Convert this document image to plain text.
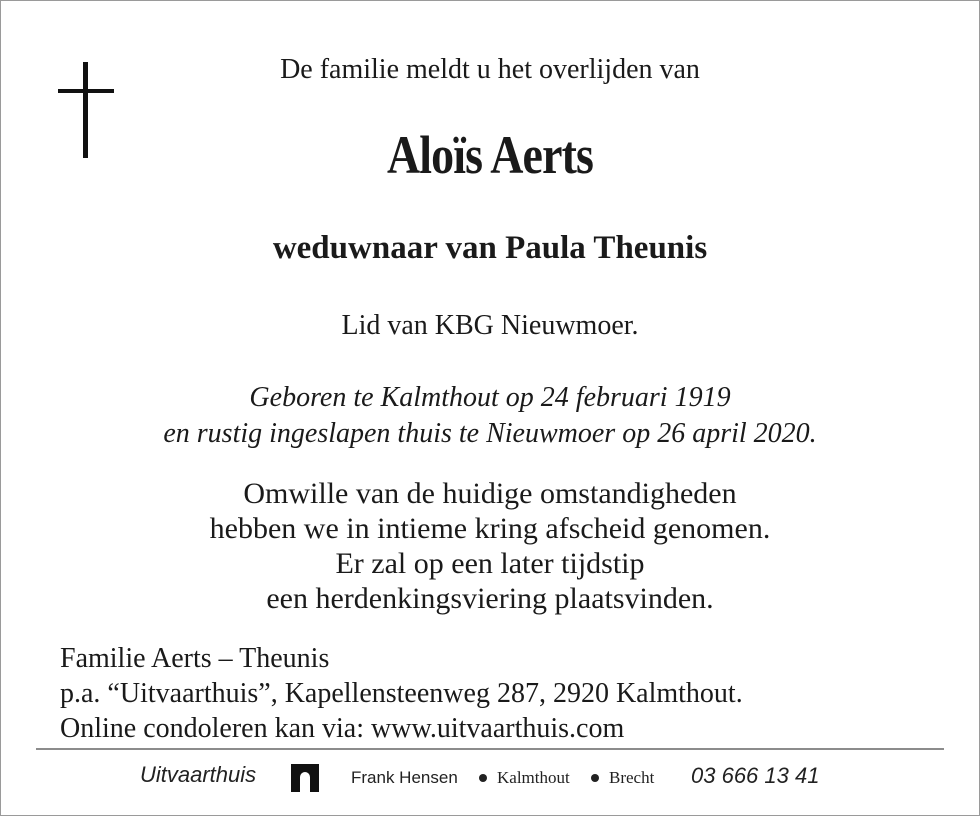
De familie meldt u het overlijden van
Aloïs Aerts
weduwnaar van Paula Theunis
Lid van KBG Nieuwmoer.
Geboren te Kalmthout op 24 februari 1919
en rustig ingeslapen thuis te Nieuwmoer op 26 april 2020.
Omwille van de huidige omstandigheden
hebben we in intieme kring afscheid genomen.
Er zal op een later tijdstip
een herdenkingsviering plaatsvinden.
Familie Aerts – Theunis
p.a. “Uitvaarthuis”, Kapellensteenweg 287, 2920 Kalmthout.
Online condoleren kan via: www.uitvaarthuis.com
Uitvaarthuis	Frank Hensen Kalmthout Brecht 03 666 13 41
